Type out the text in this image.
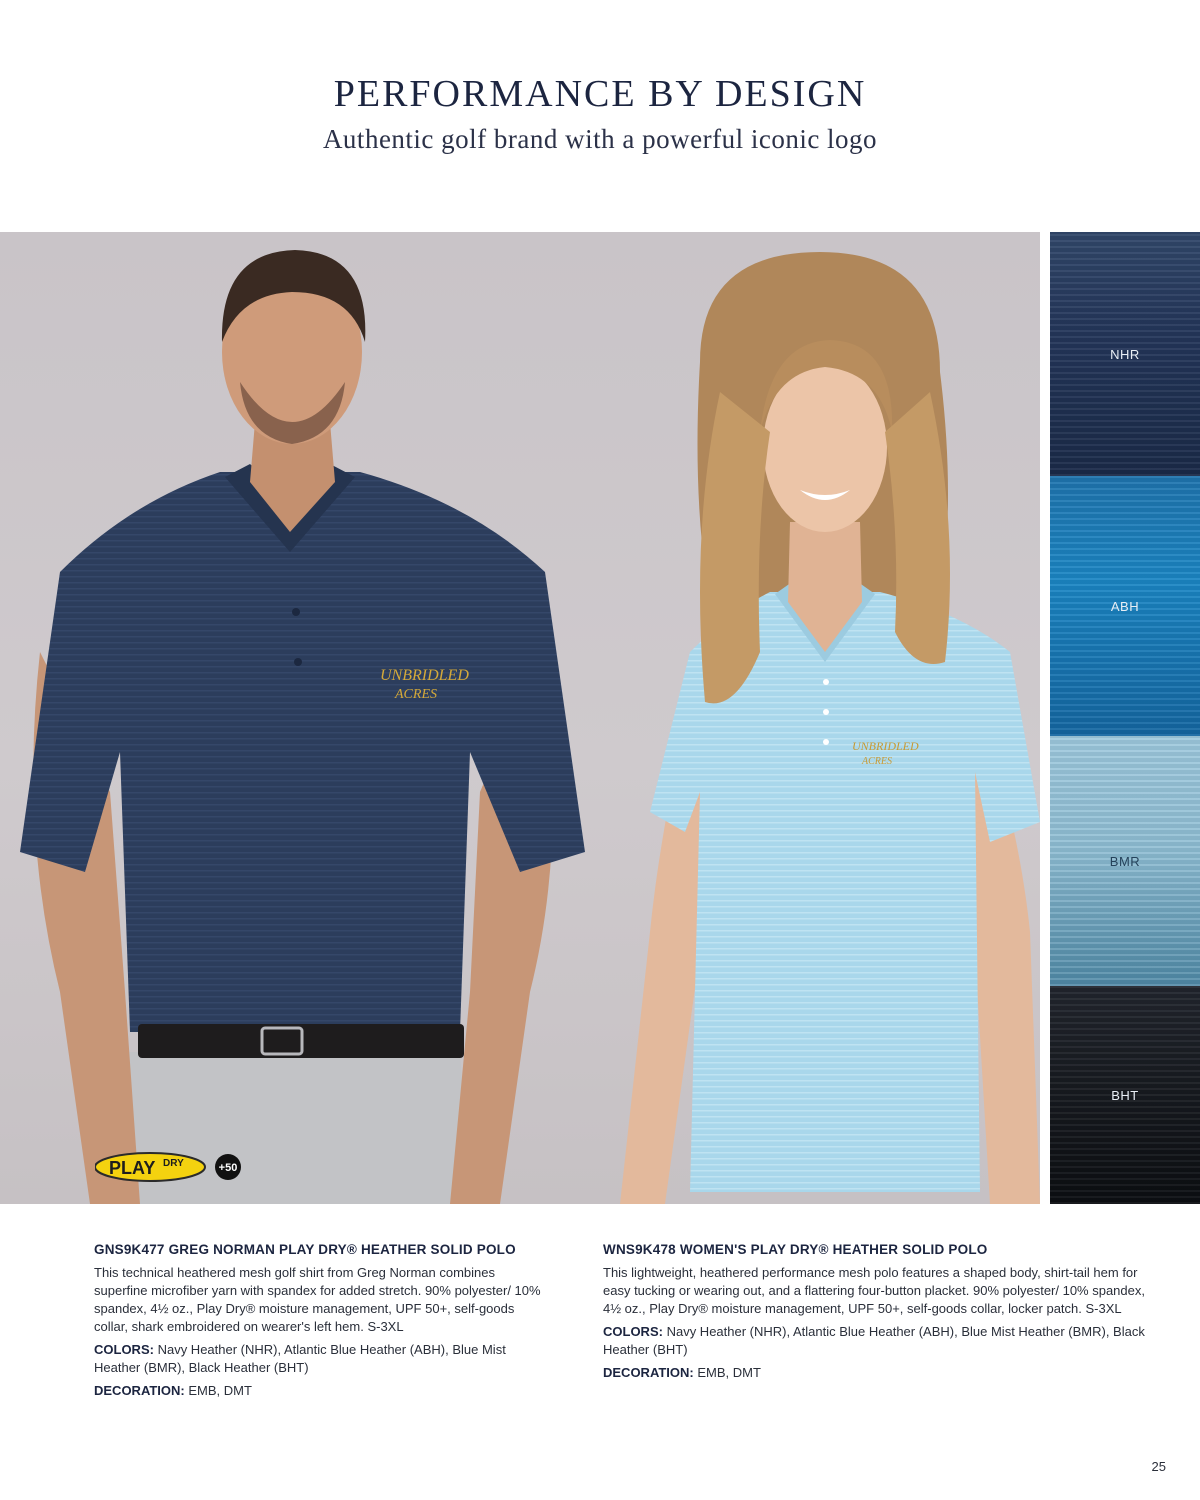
PERFORMANCE BY DESIGN
Authentic golf brand with a powerful iconic logo
UNBRIDLED
ACRES
UNBRIDLED
ACRES
PLAY DRY	+50
NHR
ABH
BMR
BHT
GNS9K477 GREG NORMAN PLAY DRY® HEATHER SOLID POLO

This technical heathered mesh golf shirt from Greg Norman combines superfine microfiber yarn with spandex for added stretch. 90% polyester/ 10% spandex, 4½ oz., Play Dry® moisture management, UPF 50+, self-goods collar, shark embroidered on wearer's left hem. S-3XL

COLORS: Navy Heather (NHR), Atlantic Blue Heather (ABH), Blue Mist Heather (BMR), Black Heather (BHT)

DECORATION: EMB, DMT

WNS9K478 WOMEN'S PLAY DRY® HEATHER SOLID POLO

This lightweight, heathered performance mesh polo features a shaped body, shirt-tail hem for easy tucking or wearing out, and a flattering four-button placket. 90% polyester/ 10% spandex, 4½ oz., Play Dry® moisture management, UPF 50+, self-goods collar, locker patch. S-3XL

COLORS: Navy Heather (NHR), Atlantic Blue Heather (ABH), Blue Mist Heather (BMR), Black Heather (BHT)

DECORATION: EMB, DMT

25
